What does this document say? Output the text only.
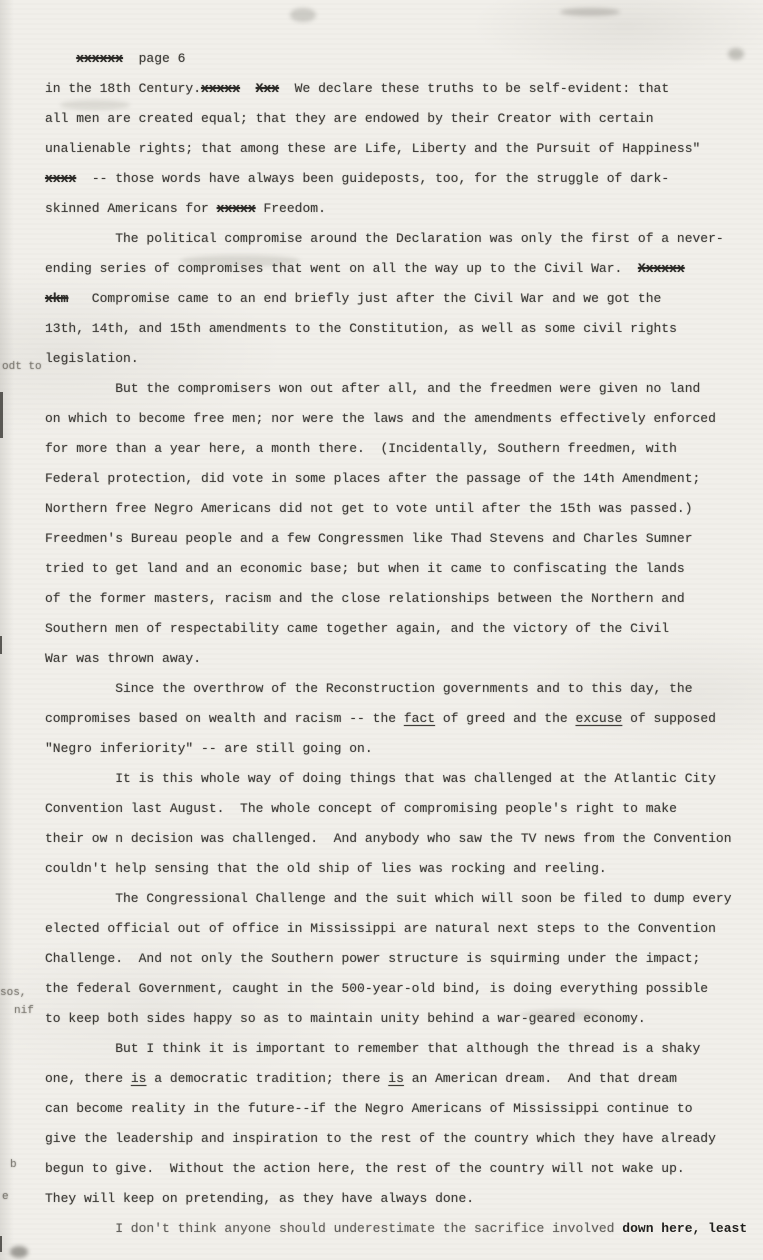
xxxxxx  page 6
in the 18th Century.xxxxx Xxx  We declare these truths to be self-evident: that
all men are created equal; that they are endowed by their Creator with certain
unalienable rights; that among these are Life, Liberty and the Pursuit of Happiness"
xxxx  -- those words have always been guideposts, too, for the struggle of dark-
skinned Americans for xxxxx Freedom.
The political compromise around the Declaration was only the first of a never-
ending series of compromises that went on all the way up to the Civil War.  Xxxxxx
xkm   Compromise came to an end briefly just after the Civil War and we got the
13th, 14th, and 15th amendments to the Constitution, as well as some civil rights
legislation.
But the compromisers won out after all, and the freedmen were given no land
on which to become free men; nor were the laws and the amendments effectively enforced
for more than a year here, a month there.  (Incidentally, Southern freedmen, with
Federal protection, did vote in some places after the passage of the 14th Amendment;
Northern free Negro Americans did not get to vote until after the 15th was passed.)
Freedmen's Bureau people and a few Congressmen like Thad Stevens and Charles Sumner
tried to get land and an economic base; but when it came to confiscating the lands
of the former masters, racism and the close relationships between the Northern and
Southern men of respectability came together again, and the victory of the Civil
War was thrown away.
Since the overthrow of the Reconstruction governments and to this day, the
compromises based on wealth and racism -- the fact of greed and the excuse of supposed
"Negro inferiority" -- are still going on.
It is this whole way of doing things that was challenged at the Atlantic City
Convention last August.  The whole concept of compromising people's right to make
their ow n decision was challenged.  And anybody who saw the TV news from the Convention
couldn't help sensing that the old ship of lies was rocking and reeling.
The Congressional Challenge and the suit which will soon be filed to dump every
elected official out of office in Mississippi are natural next steps to the Convention
Challenge.  And not only the Southern power structure is squirming under the impact;
the federal Government, caught in the 500-year-old bind, is doing everything possible
to keep both sides happy so as to maintain unity behind a war-geared economy.
But I think it is important to remember that although the thread is a shaky
one, there is a democratic tradition; there is an American dream.  And that dream
can become reality in the future--if the Negro Americans of Mississippi continue to
give the leadership and inspiration to the rest of the country which they have already
begun to give.  Without the action here, the rest of the country will not wake up.
They will keep on pretending, as they have always done.
I don't think anyone should underestimate the sacrifice involved down here, least
odt to
sos,
nif
b
e
